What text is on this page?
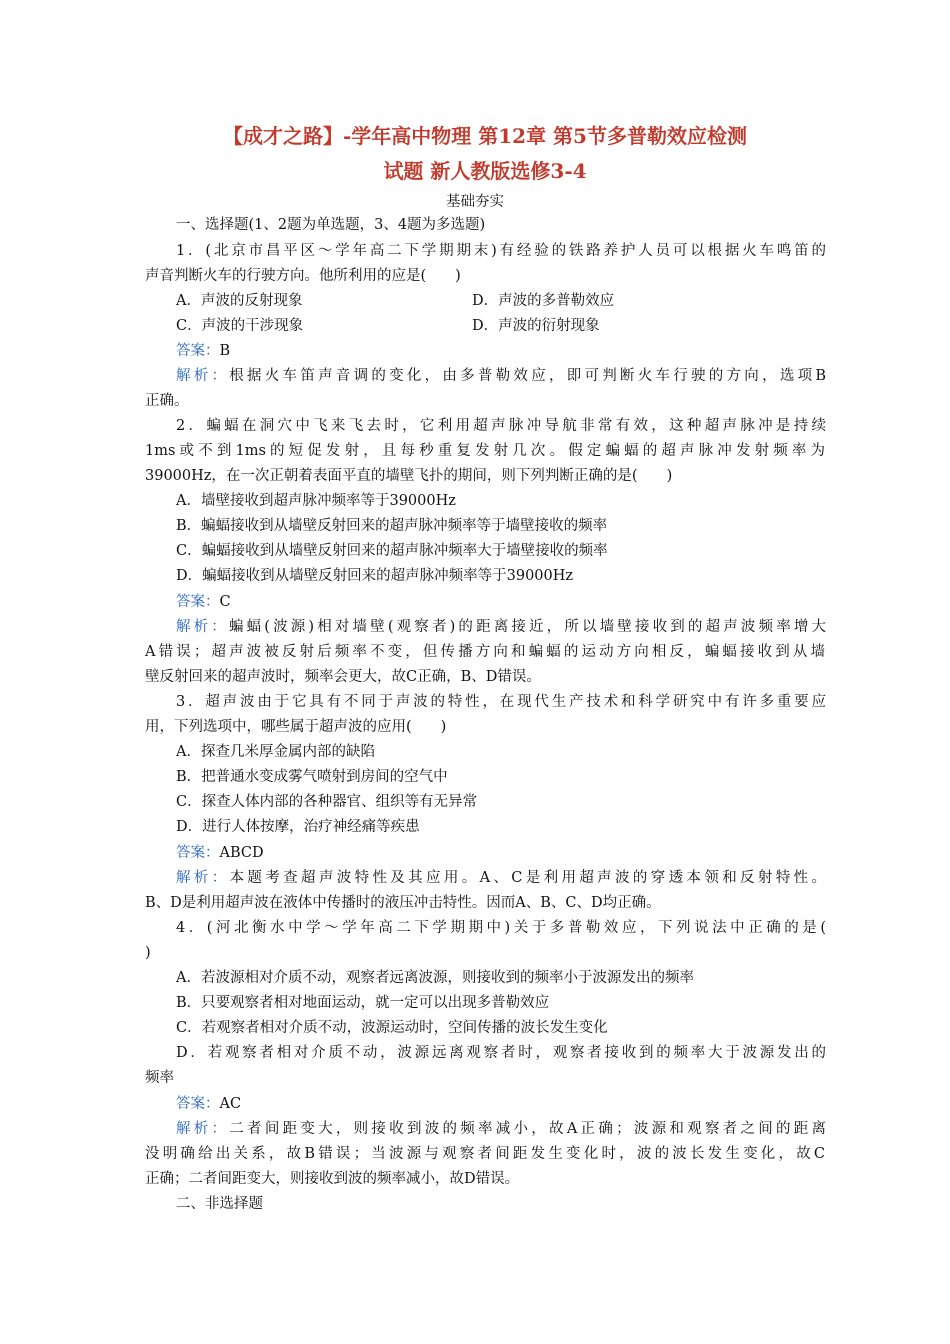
【成才之路】-学年高中物理 第12章 第5节多普勒效应检测
试题 新人教版选修3-4
基础夯实
一、选择题(1、2题为单选题，3、4题为多选题)
1．(北京市昌平区～学年高二下学期期末)有经验的铁路养护人员可以根据火车鸣笛的
声音判断火车的行驶方向。他所利用的应是(　　)
A．声波的反射现象	D．声波的多普勒效应
C．声波的干涉现象	D．声波的衍射现象
答案：B
解析：根据火车笛声音调的变化，由多普勒效应，即可判断火车行驶的方向，选项B
正确。
2．蝙蝠在洞穴中飞来飞去时，它利用超声脉冲导航非常有效，这种超声脉冲是持续
1ms或不到1ms的短促发射，且每秒重复发射几次。假定蝙蝠的超声脉冲发射频率为
39000Hz，在一次正朝着表面平直的墙壁飞扑的期间，则下列判断正确的是(　　)
A．墙壁接收到超声脉冲频率等于39000Hz
B．蝙蝠接收到从墙壁反射回来的超声脉冲频率等于墙壁接收的频率
C．蝙蝠接收到从墙壁反射回来的超声脉冲频率大于墙壁接收的频率
D．蝙蝠接收到从墙壁反射回来的超声脉冲频率等于39000Hz
答案：C
解析：蝙蝠(波源)相对墙壁(观察者)的距离接近，所以墙壁接收到的超声波频率增大
A错误；超声波被反射后频率不变，但传播方向和蝙蝠的运动方向相反，蝙蝠接收到从墙
壁反射回来的超声波时，频率会更大，故C正确，B、D错误。
3．超声波由于它具有不同于声波的特性，在现代生产技术和科学研究中有许多重要应
用，下列选项中，哪些属于超声波的应用(　　)
A．探查几米厚金属内部的缺陷
B．把普通水变成雾气喷射到房间的空气中
C．探查人体内部的各种器官、组织等有无异常
D．进行人体按摩，治疗神经痛等疾患
答案：ABCD
解析：本题考查超声波特性及其应用。A、C是利用超声波的穿透本领和反射特性。
B、D是利用超声波在液体中传播时的液压冲击特性。因而A、B、C、D均正确。
4．(河北衡水中学～学年高二下学期期中)关于多普勒效应，下列说法中正确的是(
)
A．若波源相对介质不动，观察者远离波源，则接收到的频率小于波源发出的频率
B．只要观察者相对地面运动，就一定可以出现多普勒效应
C．若观察者相对介质不动，波源运动时，空间传播的波长发生变化
D．若观察者相对介质不动，波源远离观察者时，观察者接收到的频率大于波源发出的
频率
答案：AC
解析：二者间距变大，则接收到波的频率减小，故A正确；波源和观察者之间的距离
没明确给出关系，故B错误；当波源与观察者间距发生变化时，波的波长发生变化，故C
正确；二者间距变大，则接收到波的频率减小，故D错误。
二、非选择题
